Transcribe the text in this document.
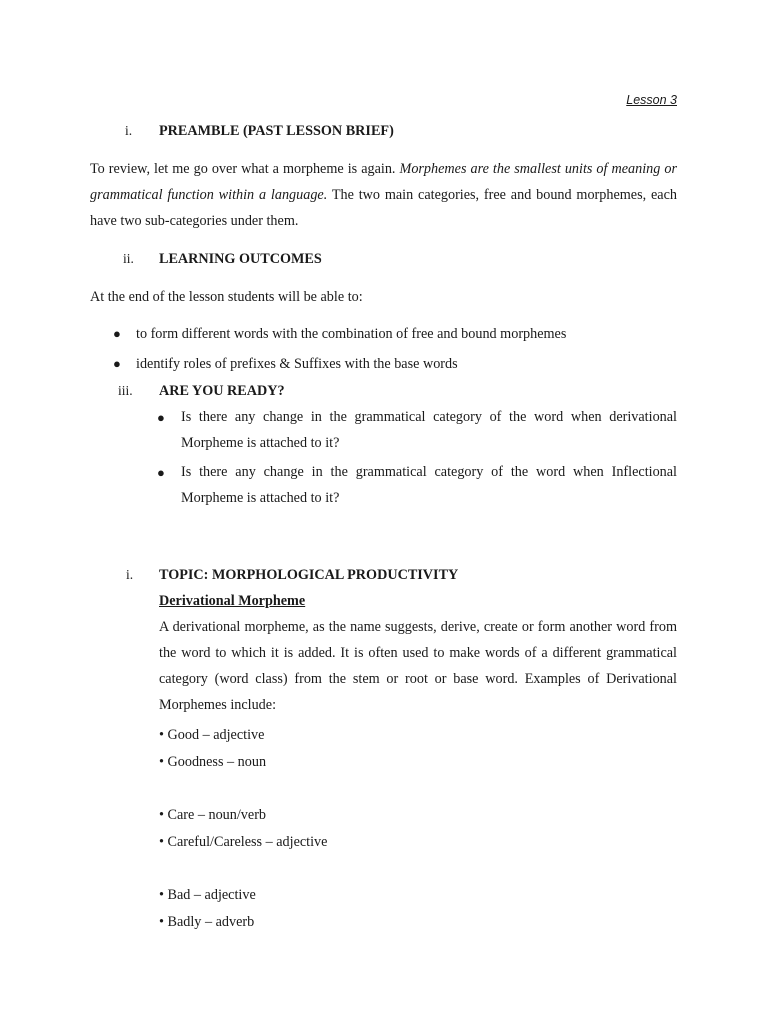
Lesson 3
i. PREAMBLE (PAST LESSON BRIEF)
To review, let me go over what a morpheme is again. Morphemes are the smallest units of meaning or grammatical function within a language. The two main categories, free and bound morphemes, each have two sub-categories under them.
ii. LEARNING OUTCOMES
At the end of the lesson students will be able to:
● to form different words with the combination of free and bound morphemes
● identify roles of prefixes & Suffixes with the base words
iii. ARE YOU READY?
● Is there any change in the grammatical category of the word when derivational Morpheme is attached to it?
● Is there any change in the grammatical category of the word when Inflectional Morpheme is attached to it?
i. TOPIC: MORPHOLOGICAL PRODUCTIVITY
Derivational Morpheme
A derivational morpheme, as the name suggests, derive, create or form another word from the word to which it is added. It is often used to make words of a different grammatical category (word class) from the stem or root or base word. Examples of Derivational Morphemes include:
• Good – adjective
• Goodness – noun
• Care – noun/verb
• Careful/Careless – adjective
• Bad – adjective
• Badly – adverb
